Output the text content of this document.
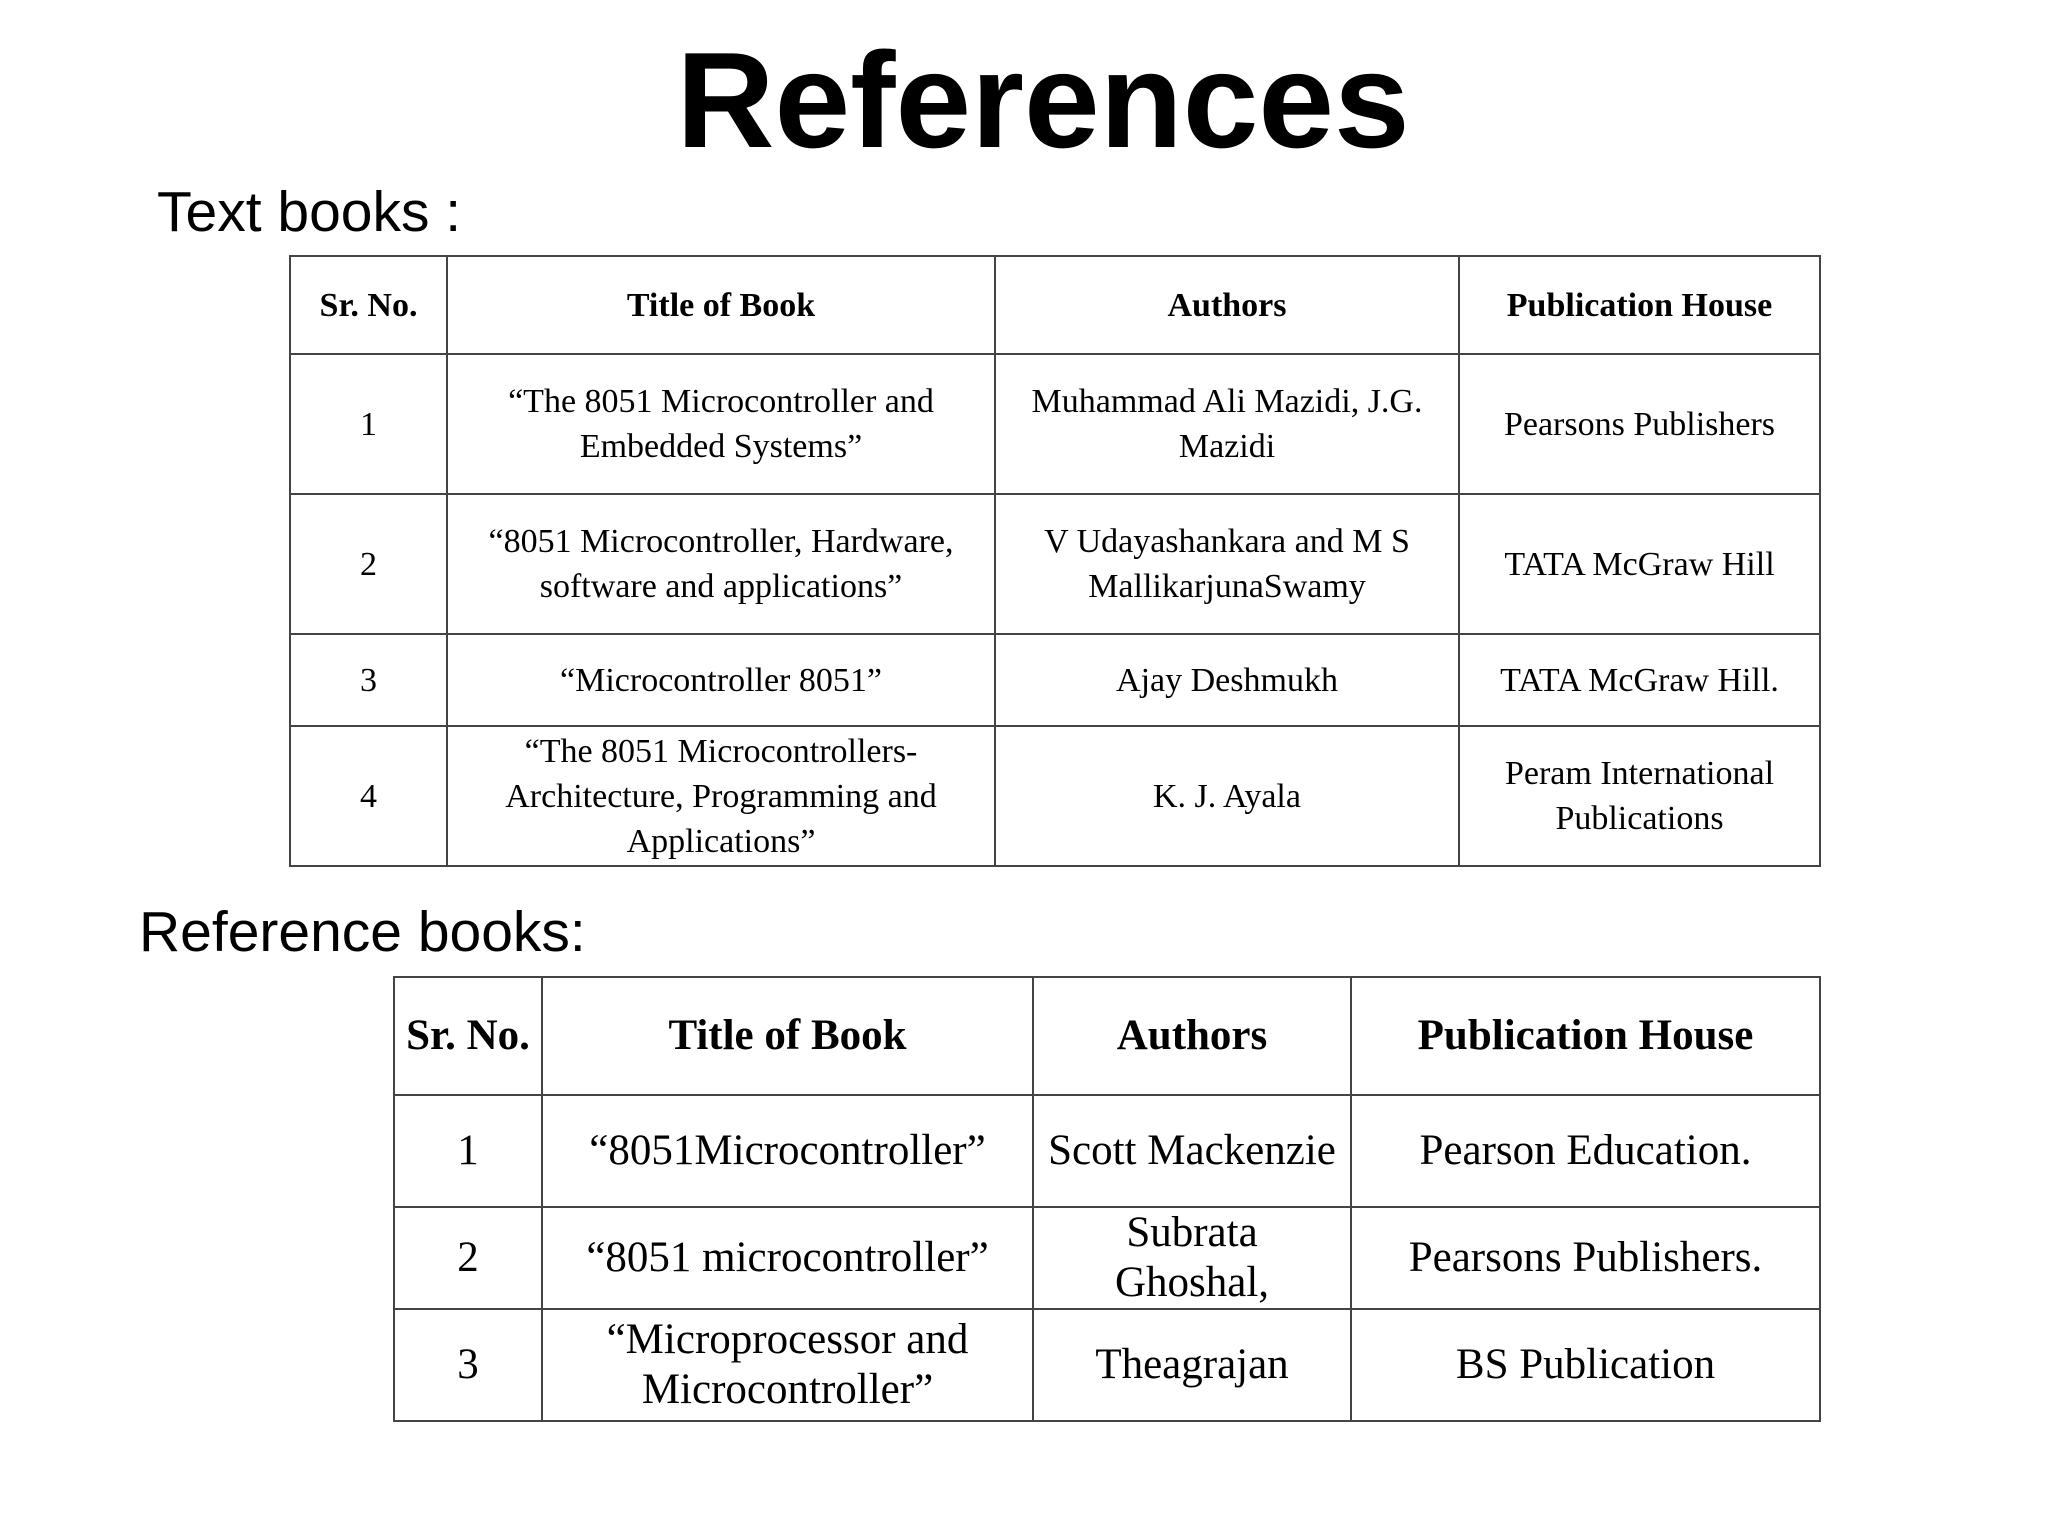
References
Text books :
Sr. No.	Title of Book	Authors	Publication House
1	“The 8051 Microcontroller and Embedded Systems”	Muhammad Ali Mazidi, J.G. Mazidi	Pearsons Publishers
2	“8051 Microcontroller, Hardware, software and applications”	V Udayashankara and M S MallikarjunaSwamy	TATA McGraw Hill
3	“Microcontroller 8051”	Ajay Deshmukh	TATA McGraw Hill.
4	“The 8051 Microcontrollers- Architecture, Programming and Applications”	K. J. Ayala	Peram International Publications
Reference books:
Sr. No.	Title of Book	Authors	Publication House
1	“8051Microcontroller”	Scott Mackenzie	Pearson Education.
2	“8051 microcontroller”	Subrata Ghoshal,	Pearsons Publishers.
3	“Microprocessor and Microcontroller”	Theagrajan	BS Publication
